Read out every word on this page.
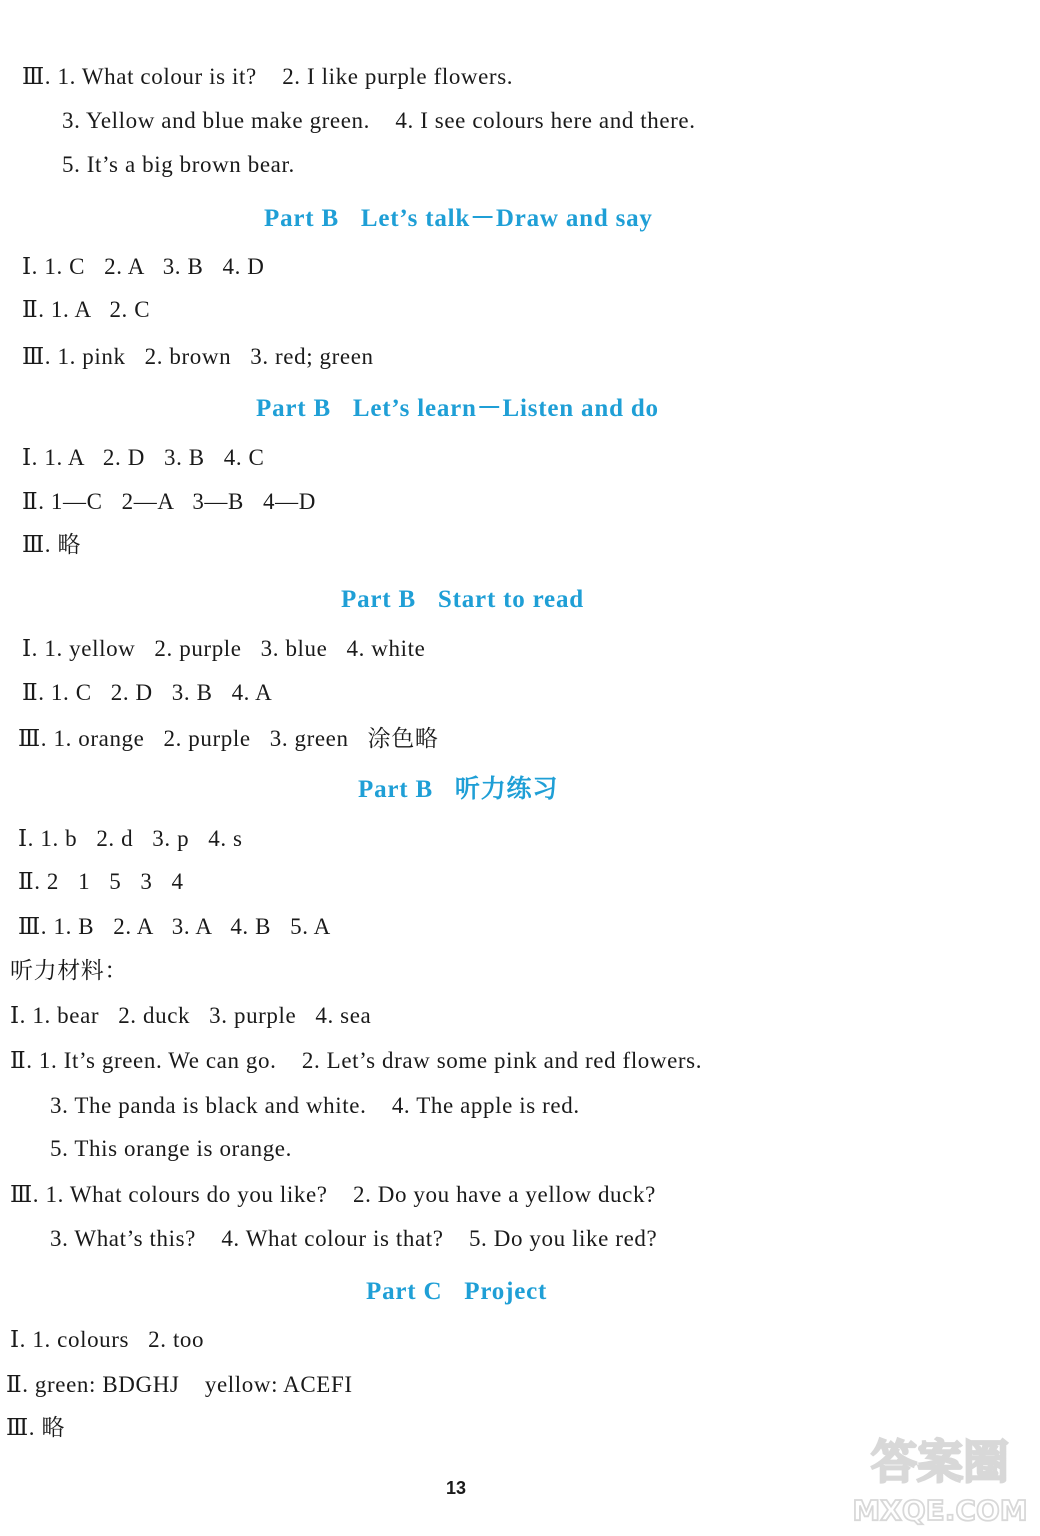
Ⅲ. 1. What colour is it?    2. I like purple flowers.
3. Yellow and blue make green.    4. I see colours here and there.
5. It’s a big brown bear.
Ⅰ. 1. C   2. A   3. B   4. D
Ⅱ. 1. A   2. C
Ⅲ. 1. pink   2. brown   3. red; green
Ⅰ. 1. A   2. D   3. B   4. C
Ⅱ. 1—C   2—A   3—B   4—D
Ⅲ. 略
Ⅰ. 1. yellow   2. purple   3. blue   4. white
Ⅱ. 1. C   2. D   3. B   4. A
Ⅲ. 1. orange   2. purple   3. green   涂色略
Ⅰ. 1. b   2. d   3. p   4. s
Ⅱ. 2   1   5   3   4
Ⅲ. 1. B   2. A   3. A   4. B   5. A
听力材料：
Ⅰ. 1. bear   2. duck   3. purple   4. sea
Ⅱ. 1. It’s green. We can go.    2. Let’s draw some pink and red flowers.
3. The panda is black and white.    4. The apple is red.
5. This orange is orange.
Ⅲ. 1. What colours do you like?    2. Do you have a yellow duck?
3. What’s this?    4. What colour is that?    5. Do you like red?
Ⅰ. 1. colours   2. too
Ⅱ. green: BDGHJ    yellow: ACEFI
Ⅲ. 略
Part B Let’s talk－Draw and say
Part B Let’s learn－Listen and do
Part B Start to read
Part B 听力练习
Part C Project
13	答案圈
MXQE.COM
